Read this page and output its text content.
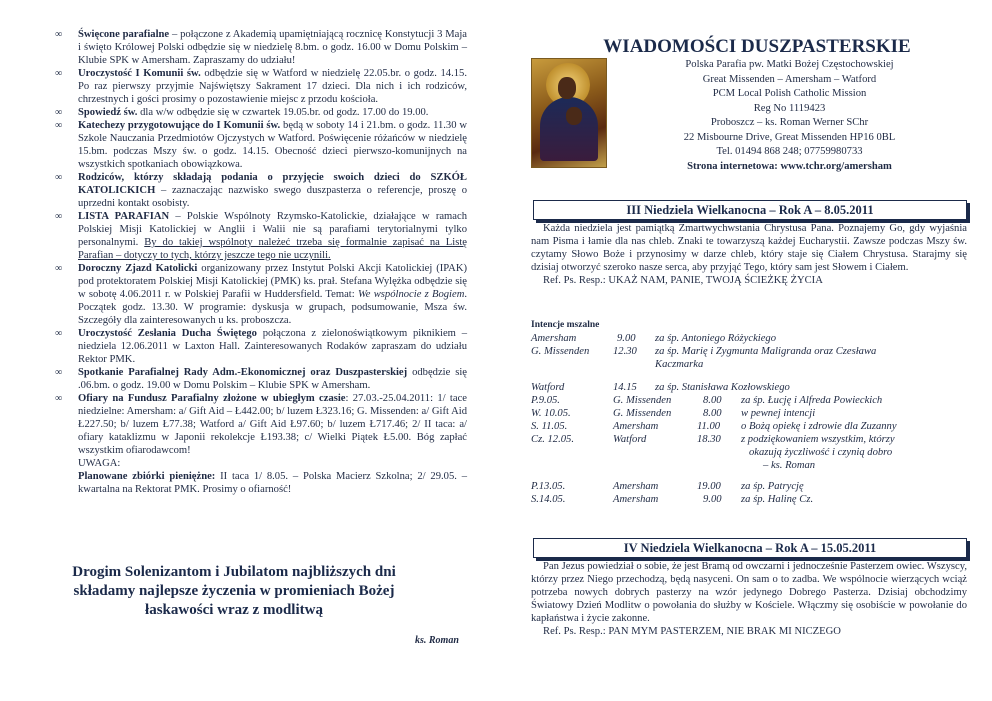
∞ Święcone parafialne – połączone z Akademią upamiętniającą rocznicę Konstytucji 3 Maja i święto Królowej Polski odbędzie się w niedzielę 8.bm. o godz. 16.00 w Domu Polskim – Klubie SPK w Amersham. Zapraszamy do udziału!
∞ Uroczystość I Komunii św. odbędzie się w Watford w niedzielę 22.05.br. o godz. 14.15. Po raz pierwszy przyjmie Najświętszy Sakrament 17 dzieci. Dla nich i ich rodziców, chrzestnych i gości prosimy o pozostawienie miejsc z przodu kościoła.
∞ Spowiedź św. dla w/w odbędzie się w czwartek 19.05.br. od godz. 17.00 do 19.00.
∞ Katechezy przygotowujące do I Komunii św. będą w soboty 14 i 21.bm. o godz. 11.30 w Szkole Nauczania Przedmiotów Ojczystych w Watford. Poświęcenie różańców w niedzielę 15.bm. podczas Mszy św. o godz. 14.15. Obecność dzieci pierwszo-komunijnych na wszystkich spotkaniach obowiązkowa.
∞ Rodziców, którzy składają podania o przyjęcie swoich dzieci do SZKÓŁ KATOLICKICH – zaznaczając nazwisko swego duszpasterza o referencje, proszę o uprzedni kontakt osobisty.
∞ LISTA PARAFIAN – Polskie Wspólnoty Rzymsko-Katolickie, działające w ramach Polskiej Misji Katolickiej w Anglii i Walii nie są parafiami terytorialnymi tylko personalnymi. By do takiej wspólnoty należeć trzeba się formalnie zapisać na Listę Parafian – dotyczy to tych, którzy jeszcze tego nie uczynili.
∞ Doroczny Zjazd Katolicki organizowany przez Instytut Polski Akcji Katolickiej (IPAK) pod protektoratem Polskiej Misji Katolickiej (PMK) ks. prał. Stefana Wylężka odbędzie się w sobotę 4.06.2011 r. w Polskiej Parafii w Huddersfield. Temat: We wspólnocie z Bogiem. Początek godz. 13.30. W programie: dyskusja w grupach, podsumowanie, Msza św. Szczegóły dla zainteresowanych u ks. proboszcza.
∞ Uroczystość Zesłania Ducha Świętego połączona z zielonoświątkowym piknikiem – niedziela 12.06.2011 w Laxton Hall. Zainteresowanych Rodaków zapraszam do udziału Rektor PMK.
∞ Spotkanie Parafialnej Rady Adm.-Ekonomicznej oraz Duszpasterskiej odbędzie się .06.bm. o godz. 19.00 w Domu Polskim – Klubie SPK w Amersham.
∞ Ofiary na Fundusz Parafialny złożone w ubiegłym czasie: 27.03.-25.04.2011: 1/ tace niedzielne: Amersham: a/ Gift Aid – Ł442.00; b/ luzem Ł323.16; G. Missenden: a/ Gift Aid Ł227.50; b/ luzem Ł77.38; Watford a/ Gift Aid Ł97.60; b/ luzem Ł717.46; 2/ II taca: a/ ofiary kataklizmu w Japonii rekolekcje Ł193.38; c/ Wielki Piątek Ł5.00. Bóg zapłać wszystkim ofiarodawcom!
UWAGA:
Planowane zbiórki pieniężne: II taca 1/ 8.05. – Polska Macierz Szkolna; 2/ 29.05. – kwartalna na Rektorat PMK. Prosimy o ofiarność!
Drogim Solenizantom i Jubilatom najbliższych dni składamy najlepsze życzenia w promieniach Bożej łaskawości wraz z modlitwą
ks. Roman
WIADOMOŚCI DUSZPASTERSKIE
Polska Parafia pw. Matki Bożej Częstochowskiej
Great Missenden – Amersham – Watford
PCM Local Polish Catholic Mission
Reg No 1119423
Proboszcz – ks. Roman Werner SChr
22 Misbourne Drive, Great Missenden HP16 0BL
Tel. 01494 868 248; 07759980733
Strona internetowa: www.tchr.org/amersham
III Niedziela Wielkanocna – Rok A – 8.05.2011

Każda niedziela jest pamiątką Zmartwychwstania Chrystusa Pana. Poznajemy Go, gdy wyjaśnia nam Pisma i łamie dla nas chleb. Znaki te towarzyszą każdej Eucharystii. Zawsze podczas Mszy św. czytamy Słowo Boże i przynosimy w darze chleb, który staje się Ciałem Chrystusa. Starajmy się dzisiaj otworzyć szeroko nasze serca, aby przyjąć Tego, który sam jest Słowem i Ciałem.

Ref. Ps. Resp.: UKAŻ NAM, PANIE, TWOJĄ ŚCIEŻKĘ ŻYCIA

Intencje mszalne
Amersham	9.00 za śp. Antoniego Różyckiego
G. Missenden 12.30 za śp. Marię i Zygmunta Maligranda oraz Czesława
Kaczmarka
Watford	14.15 za śp. Stanisława Kozłowskiego
P.9.05.	G. Missenden	8.00 za śp. Łucję i Alfreda Powieckich
W. 10.05.	G. Missenden	8.00 w pewnej intencji
S. 11.05.	Amersham	11.00 o Bożą opiekę i zdrowie dla Zuzanny
Cz. 12.05.	Watford	18.30 z podziękowaniem wszystkim, którzy
okazują życzliwość i czynią dobro
– ks. Roman
P.13.05.	Amersham	19.00 za śp. Patrycję
S.14.05.	Amersham	9.00 za śp. Halinę Cz.
IV Niedziela Wielkanocna – Rok A – 15.05.2011

Pan Jezus powiedział o sobie, że jest Bramą od owczarni i jednocześnie Pasterzem owiec. Wszyscy, którzy przez Niego przechodzą, będą nasyceni. On sam o to zadba. We wspólnocie wierzących wciąż potrzeba nowych dobrych pasterzy na wzór jedynego Dobrego Pasterza. Dzisiaj obchodzimy Światowy Dzień Modlitw o powołania do służby w Kościele. Włączmy się osobiście w powołanie do kapłaństwa i życie zakonne.

Ref. Ps. Resp.: PAN MYM PASTERZEM, NIE BRAK MI NICZEGO
